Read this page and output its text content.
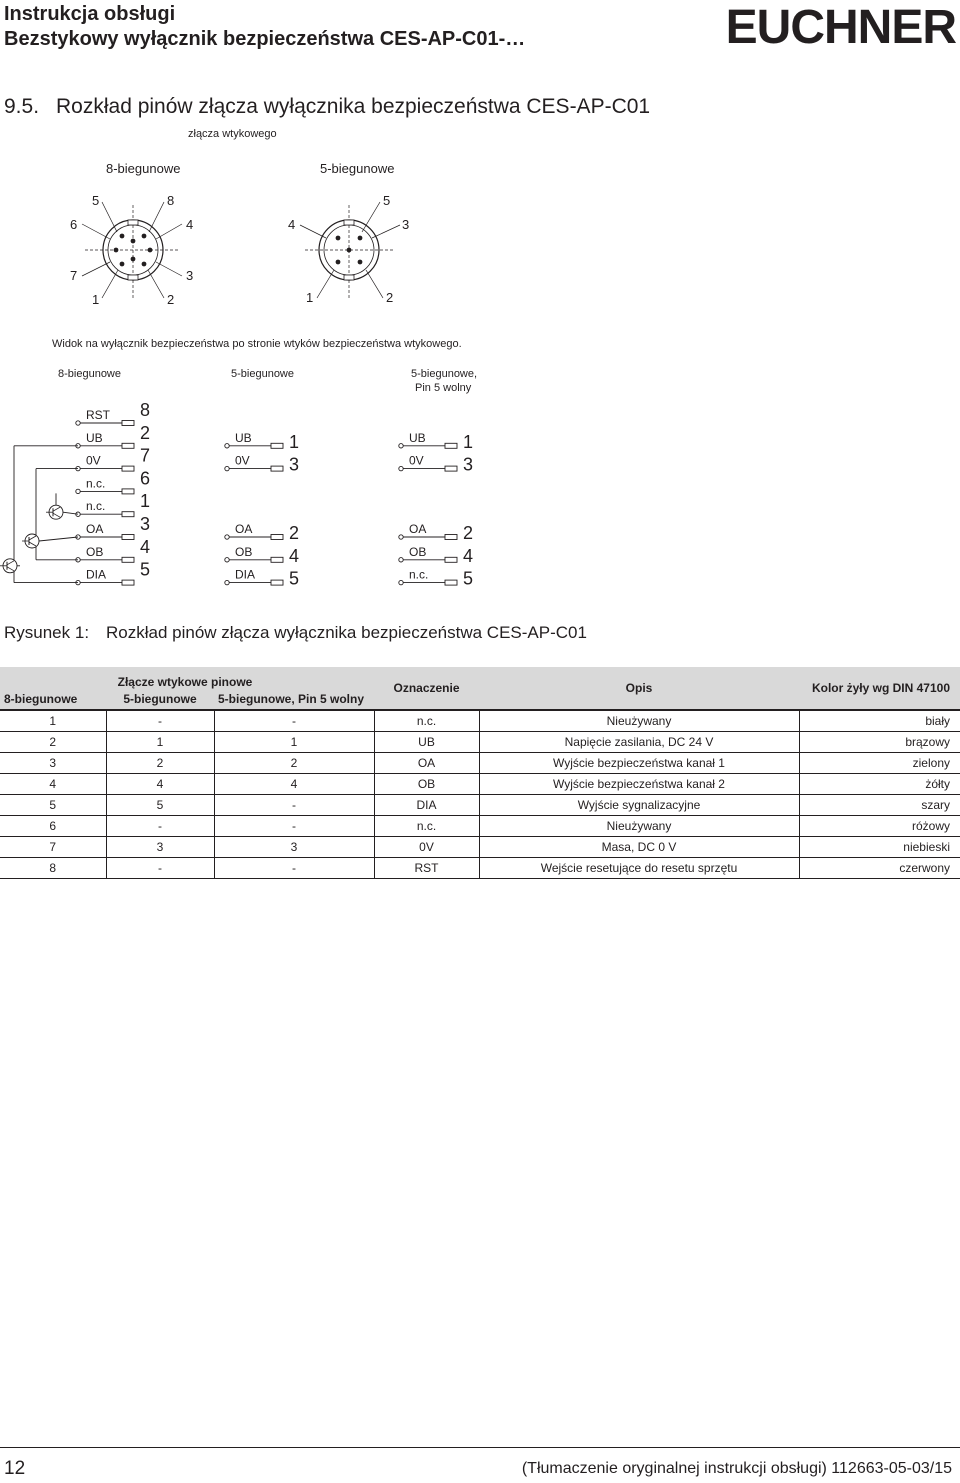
Instrukcja obsługi
Bezstykowy wyłącznik bezpieczeństwa CES-AP-C01-…	EUCHNER
9.5. Rozkład pinów złącza wyłącznika bezpieczeństwa CES-AP-C01
złącza wtykowego
8-biegunowe	5-biegunowe
5	8
6	4
7	3
1	2
5
4	3
1	2
Widok na wyłącznik bezpieczeństwa po stronie wtyków bezpieczeństwa wtykowego.
RST 8
UB 2
0V 7
n.c. 6
n.c. 1
OA 3
OB 4
DIA 5
UB 1
0V 3
OA 2
OB 4
DIA 5
UB 1
0V 3
OA 2
OB 4
n.c. 5
Rysunek 1: Rozkład pinów złącza wyłącznika bezpieczeństwa CES-AP-C01
Złącze wtykowe pinowe			Oznaczenie	Opis	Kolor żyły wg DIN 47100
8-biegunowe	5-biegunowe	5-biegunowe, Pin 5 wolny			
1	-	-	n.c.	Nieużywany	biały
2	1	1	UB	Napięcie zasilania, DC 24 V	brązowy
3	2	2	OA	Wyjście bezpieczeństwa kanał 1	zielony
4	4	4	OB	Wyjście bezpieczeństwa kanał 2	żółty
5	5	-	DIA	Wyjście sygnalizacyjne	szary
6	-	-	n.c.	Nieużywany	różowy
7	3	3	0V	Masa, DC 0 V	niebieski
8	-	-	RST	Wejście resetujące do resetu sprzętu	czerwony
12	(Tłumaczenie oryginalnej instrukcji obsługi) 112663-05-03/15
8-biegunowe	5-biegunowe	5-biegunowe,
Pin 5 wolny
